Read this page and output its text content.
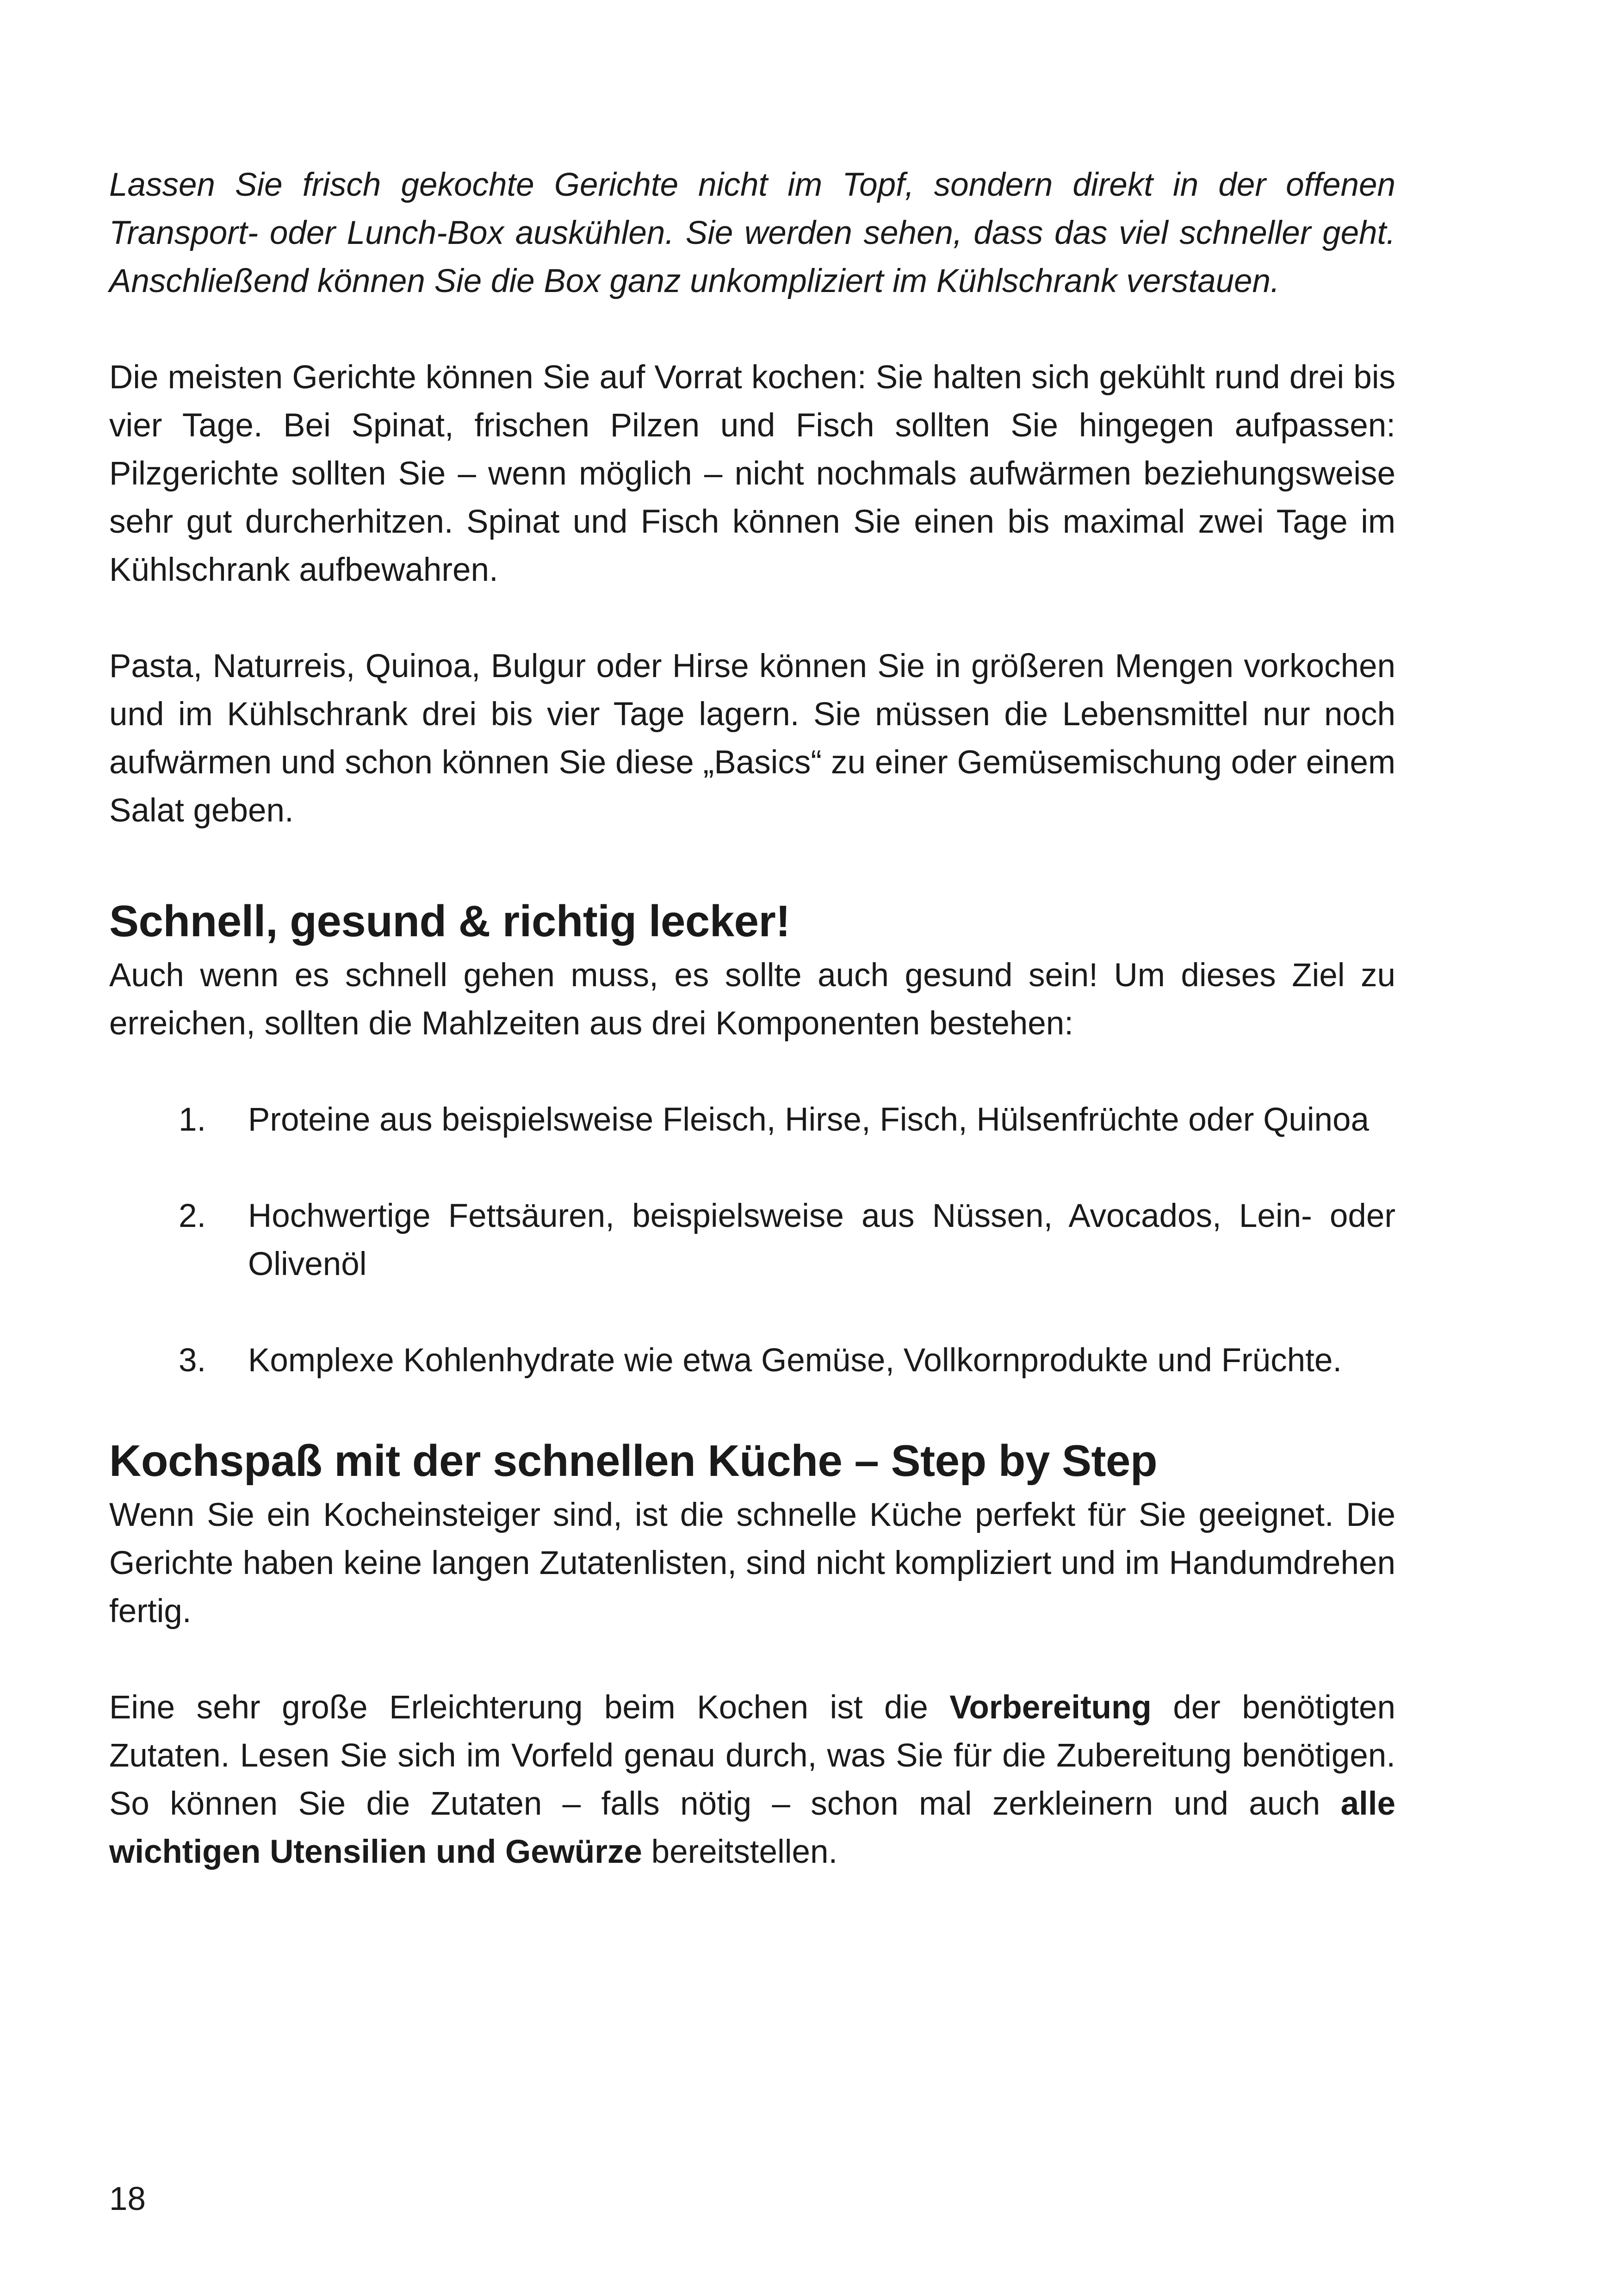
Lassen Sie frisch gekochte Gerichte nicht im Topf, sondern direkt in der offenen Transport- oder Lunch-Box auskühlen. Sie werden sehen, dass das viel schneller geht. Anschließend können Sie die Box ganz unkompliziert im Kühlschrank verstauen.

Die meisten Gerichte können Sie auf Vorrat kochen: Sie halten sich gekühlt rund drei bis vier Tage. Bei Spinat, frischen Pilzen und Fisch sollten Sie hingegen aufpassen: Pilzgerichte sollten Sie – wenn möglich – nicht nochmals aufwärmen beziehungsweise sehr gut durcherhitzen. Spinat und Fisch können Sie einen bis maximal zwei Tage im Kühlschrank aufbewahren.

Pasta, Naturreis, Quinoa, Bulgur oder Hirse können Sie in größeren Mengen vorkochen und im Kühlschrank drei bis vier Tage lagern. Sie müssen die Lebensmittel nur noch aufwärmen und schon können Sie diese „Basics“ zu einer Gemüsemischung oder einem Salat geben.

Schnell, gesund & richtig lecker!

Auch wenn es schnell gehen muss, es sollte auch gesund sein! Um dieses Ziel zu erreichen, sollten die Mahlzeiten aus drei Komponenten bestehen:

1. Proteine aus beispielsweise Fleisch, Hirse, Fisch, Hülsenfrüchte oder Quinoa
2. Hochwertige Fettsäuren, beispielsweise aus Nüssen, Avocados, Lein- oder Olivenöl
3. Komplexe Kohlenhydrate wie etwa Gemüse, Vollkornprodukte und Früchte.
Kochspaß mit der schnellen Küche – Step by Step

Wenn Sie ein Kocheinsteiger sind, ist die schnelle Küche perfekt für Sie geeignet. Die Gerichte haben keine langen Zutatenlisten, sind nicht kompliziert und im Handumdrehen fertig.

Eine sehr große Erleichterung beim Kochen ist die Vorbereitung der benötigten Zutaten. Lesen Sie sich im Vorfeld genau durch, was Sie für die Zubereitung benötigen. So können Sie die Zutaten – falls nötig – schon mal zerkleinern und auch alle wichtigen Utensilien und Gewürze bereitstellen.

18
